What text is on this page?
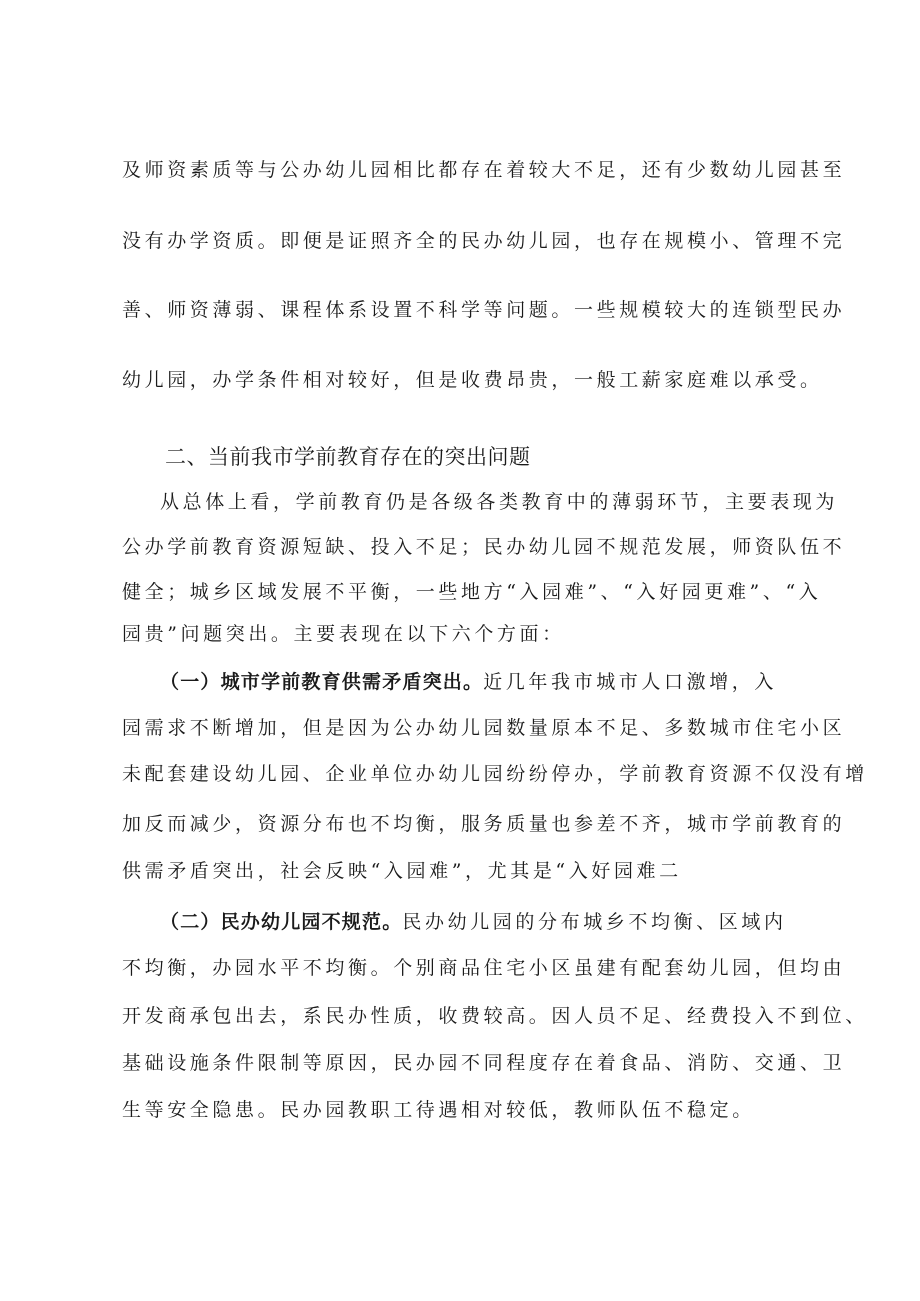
及师资素质等与公办幼儿园相比都存在着较大不足，还有少数幼儿园甚至
没有办学资质。即便是证照齐全的民办幼儿园，也存在规模小、管理不完
善、师资薄弱、课程体系设置不科学等问题。一些规模较大的连锁型民办
幼儿园，办学条件相对较好，但是收费昂贵，一般工薪家庭难以承受。
二、当前我市学前教育存在的突出问题
从总体上看，学前教育仍是各级各类教育中的薄弱环节，主要表现为
公办学前教育资源短缺、投入不足；民办幼儿园不规范发展，师资队伍不
健全；城乡区域发展不平衡，一些地方“入园难”、“入好园更难”、“入
园贵”问题突出。主要表现在以下六个方面：
（一）城市学前教育供需矛盾突出。近几年我市城市人口激增，入
园需求不断增加，但是因为公办幼儿园数量原本不足、多数城市住宅小区
未配套建设幼儿园、企业单位办幼儿园纷纷停办，学前教育资源不仅没有增
加反而减少，资源分布也不均衡，服务质量也参差不齐，城市学前教育的
供需矛盾突出，社会反映“入园难”，尤其是“入好园难二
（二）民办幼儿园不规范。民办幼儿园的分布城乡不均衡、区域内
不均衡，办园水平不均衡。个别商品住宅小区虽建有配套幼儿园，但均由
开发商承包出去，系民办性质，收费较高。因人员不足、经费投入不到位、
基础设施条件限制等原因，民办园不同程度存在着食品、消防、交通、卫
生等安全隐患。民办园教职工待遇相对较低，教师队伍不稳定。
